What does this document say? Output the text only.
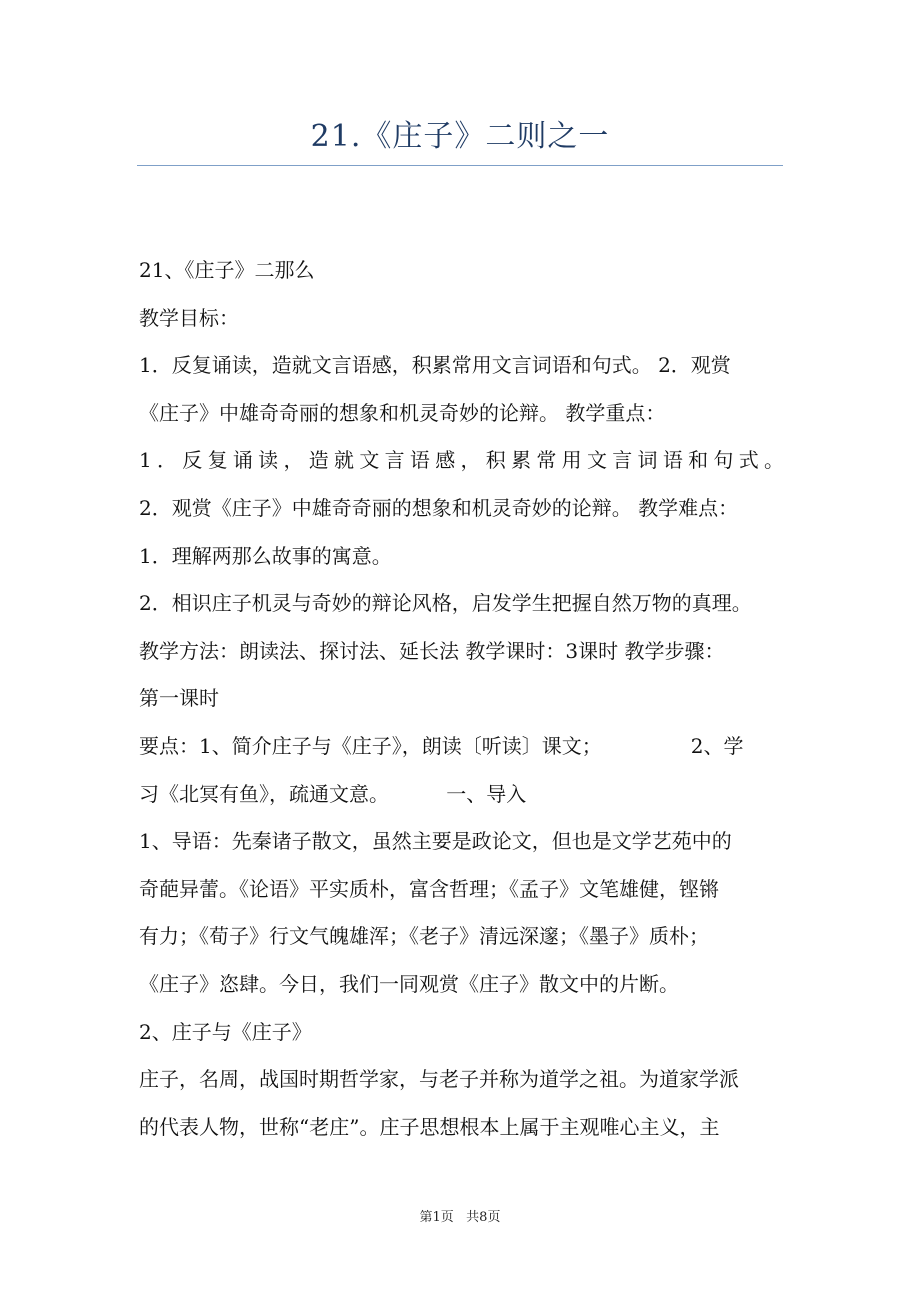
21.《庄子》二则之一
21、《庄子》二那么
教学目标：
1．反复诵读，造就文言语感，积累常用文言词语和句式。 2．观赏
《庄子》中雄奇奇丽的想象和机灵奇妙的论辩。 教学重点：
1．反复诵读，造就文言语感，积累常用文言词语和句式。
2．观赏《庄子》中雄奇奇丽的想象和机灵奇妙的论辩。 教学难点：
1．理解两那么故事的寓意。
2．相识庄子机灵与奇妙的辩论风格，启发学生把握自然万物的真理。
教学方法：朗读法、探讨法、延长法 教学课时：3课时 教学步骤：
第一课时
要点：1、简介庄子与《庄子》，朗读〔听读〕课文；              2、学
习《北冥有鱼》，疏通文意。         一、导入
1、导语：先秦诸子散文，虽然主要是政论文，但也是文学艺苑中的
奇葩异蕾。《论语》平实质朴，富含哲理；《孟子》文笔雄健，铿锵
有力；《荀子》行文气魄雄浑；《老子》清远深邃；《墨子》质朴；
《庄子》恣肆。今日，我们一同观赏《庄子》散文中的片断。
2、庄子与《庄子》
庄子，名周，战国时期哲学家，与老子并称为道学之祖。为道家学派
的代表人物，世称“老庄”。庄子思想根本上属于主观唯心主义，主
第1页   共8页
